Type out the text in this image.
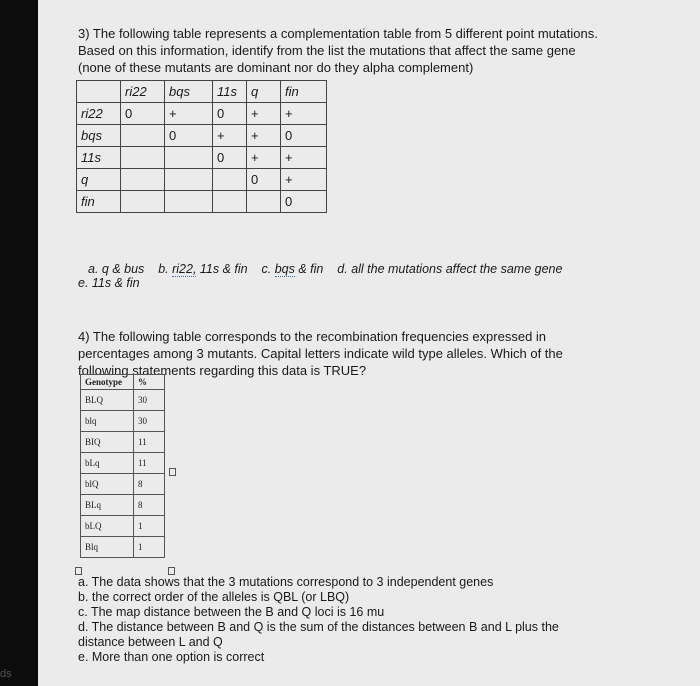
3) The following table represents a complementation table from 5 different point mutations.
Based on this information, identify from the list the mutations that affect the same gene
(none of these mutants are dominant nor do they alpha complement)
	ri22	bqs	11s	q	fin
ri22	0	+	0	+	+
bqs		0	+	+	0
11s			0	+	+
q				0	+
fin					0
a. q & bus b. ri22, 11s & fin c. bqs & fin d. all the mutations affect the same gene
e. 11s & fin
4) The following table corresponds to the recombination frequencies expressed in
percentages among 3 mutants. Capital letters indicate wild type alleles. Which of the
following statements regarding this data is TRUE?
Genotype	%
BLQ	30
blq	30
BIQ	11
bLq	11
blQ	8
BLq	8
bLQ	1
Blq	1
a. The data shows that the 3 mutations correspond to 3 independent genes
b. the correct order of the alleles is QBL (or LBQ)
c. The map distance between the B and Q loci is 16 mu
d. The distance between B and Q is the sum of the distances between B and L plus the
distance between L and Q
e. More than one option is correct
ds
